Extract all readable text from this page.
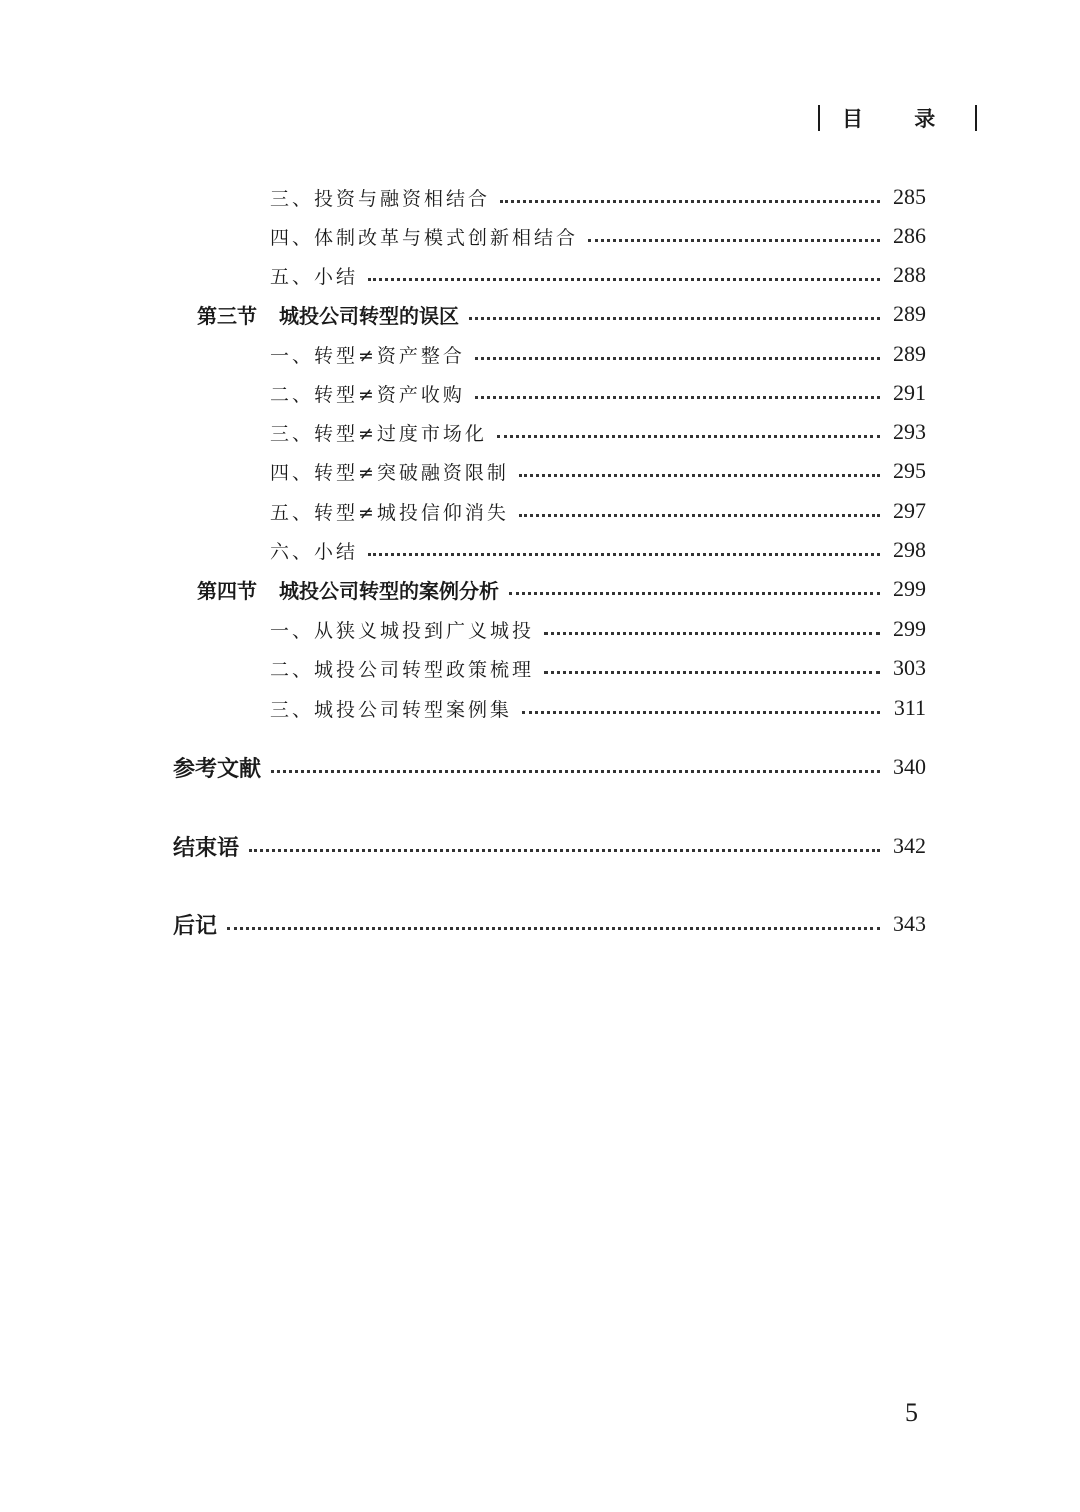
目 录
三、投资与融资相结合	285
四、体制改革与模式创新相结合	286
五、小结	288
第三节 城投公司转型的误区	289
一、转型≠资产整合	289
二、转型≠资产收购	291
三、转型≠过度市场化	293
四、转型≠突破融资限制	295
五、转型≠城投信仰消失	297
六、小结	298
第四节 城投公司转型的案例分析	299
一、从狭义城投到广义城投	299
二、城投公司转型政策梳理	303
三、城投公司转型案例集	311
参考文献	340
结束语	342
后记	343
5
